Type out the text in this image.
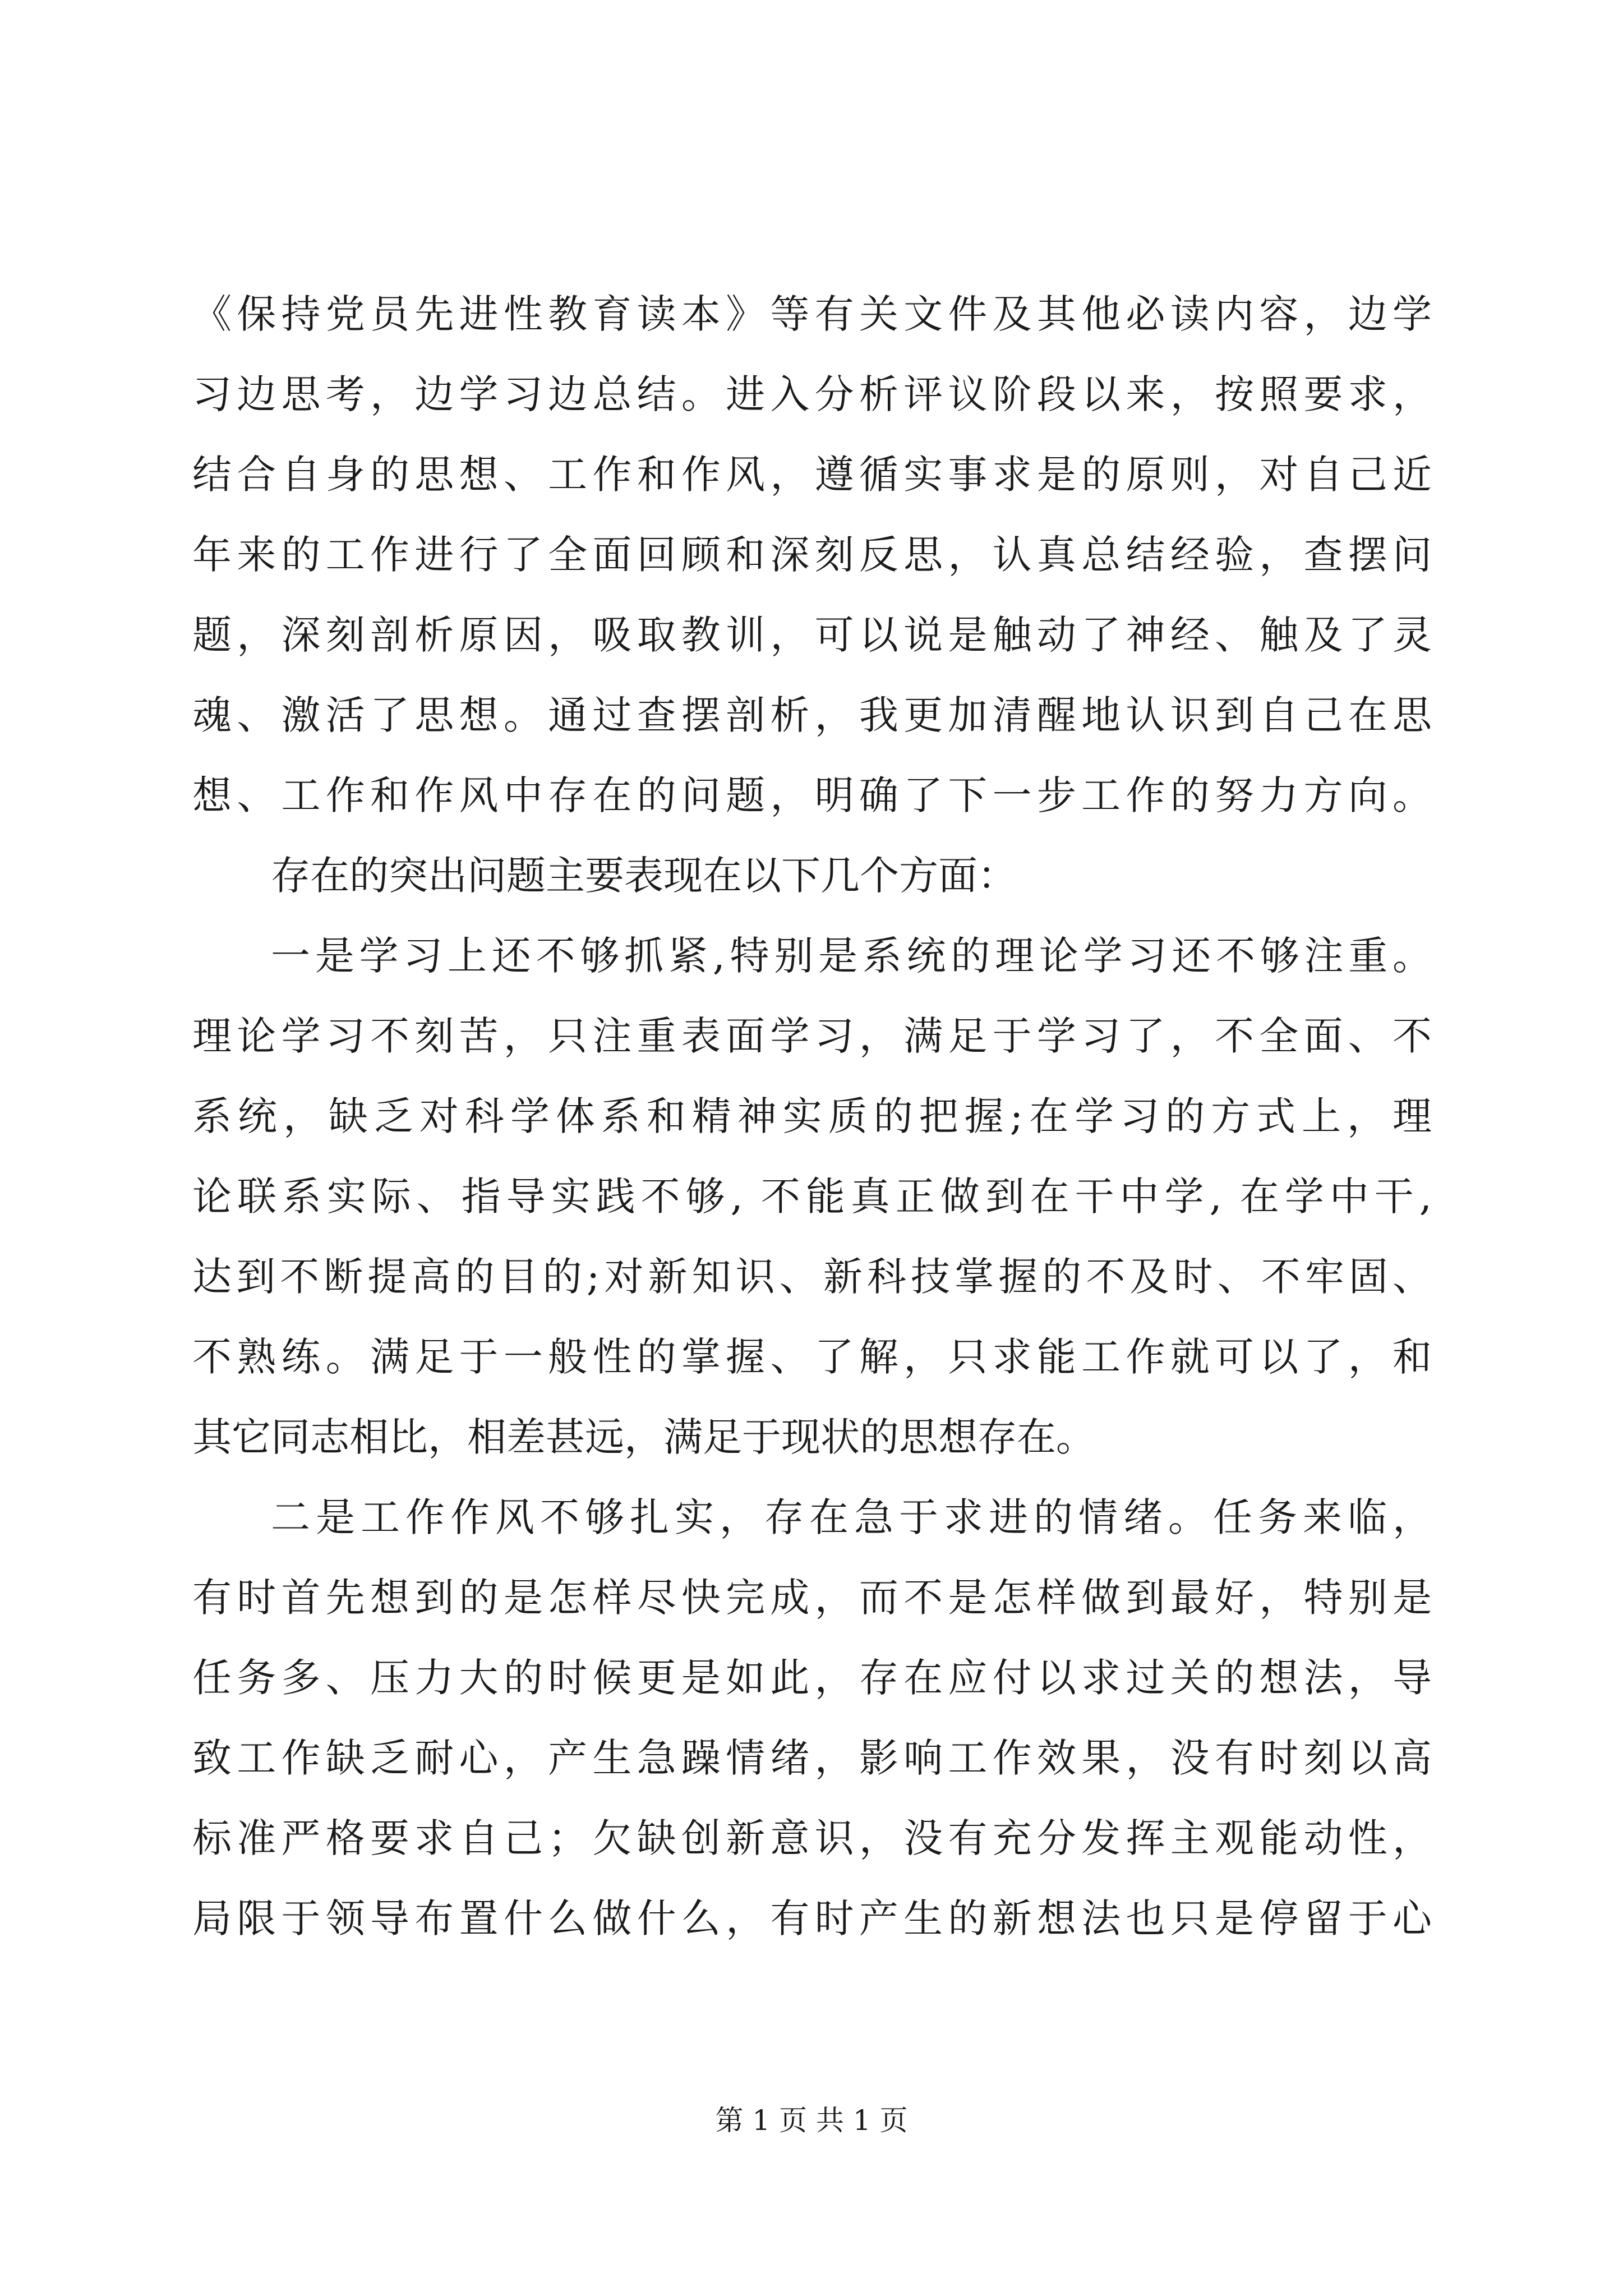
《保持党员先进性教育读本》等有关文件及其他必读内容，边学
习边思考，边学习边总结。进入分析评议阶段以来，按照要求，
结合自身的思想、工作和作风，遵循实事求是的原则，对自己近
年来的工作进行了全面回顾和深刻反思，认真总结经验，查摆问
题，深刻剖析原因，吸取教训，可以说是触动了神经、触及了灵
魂、激活了思想。通过查摆剖析，我更加清醒地认识到自己在思
想、工作和作风中存在的问题，明确了下一步工作的努力方向。
存在的突出问题主要表现在以下几个方面：
一是学习上还不够抓紧,特别是系统的理论学习还不够注重。
理论学习不刻苦，只注重表面学习，满足于学习了，不全面、不
系统，缺乏对科学体系和精神实质的把握;在学习的方式上，理
论联系实际、指导实践不够, 不能真正做到在干中学, 在学中干,
达到不断提高的目的;对新知识、新科技掌握的不及时、不牢固、
不熟练。满足于一般性的掌握、了解，只求能工作就可以了，和
其它同志相比，相差甚远，满足于现状的思想存在。
二是工作作风不够扎实，存在急于求进的情绪。任务来临，
有时首先想到的是怎样尽快完成，而不是怎样做到最好，特别是
任务多、压力大的时候更是如此，存在应付以求过关的想法，导
致工作缺乏耐心，产生急躁情绪，影响工作效果，没有时刻以高
标准严格要求自己；欠缺创新意识，没有充分发挥主观能动性，
局限于领导布置什么做什么，有时产生的新想法也只是停留于心
第 1 页 共 1 页
